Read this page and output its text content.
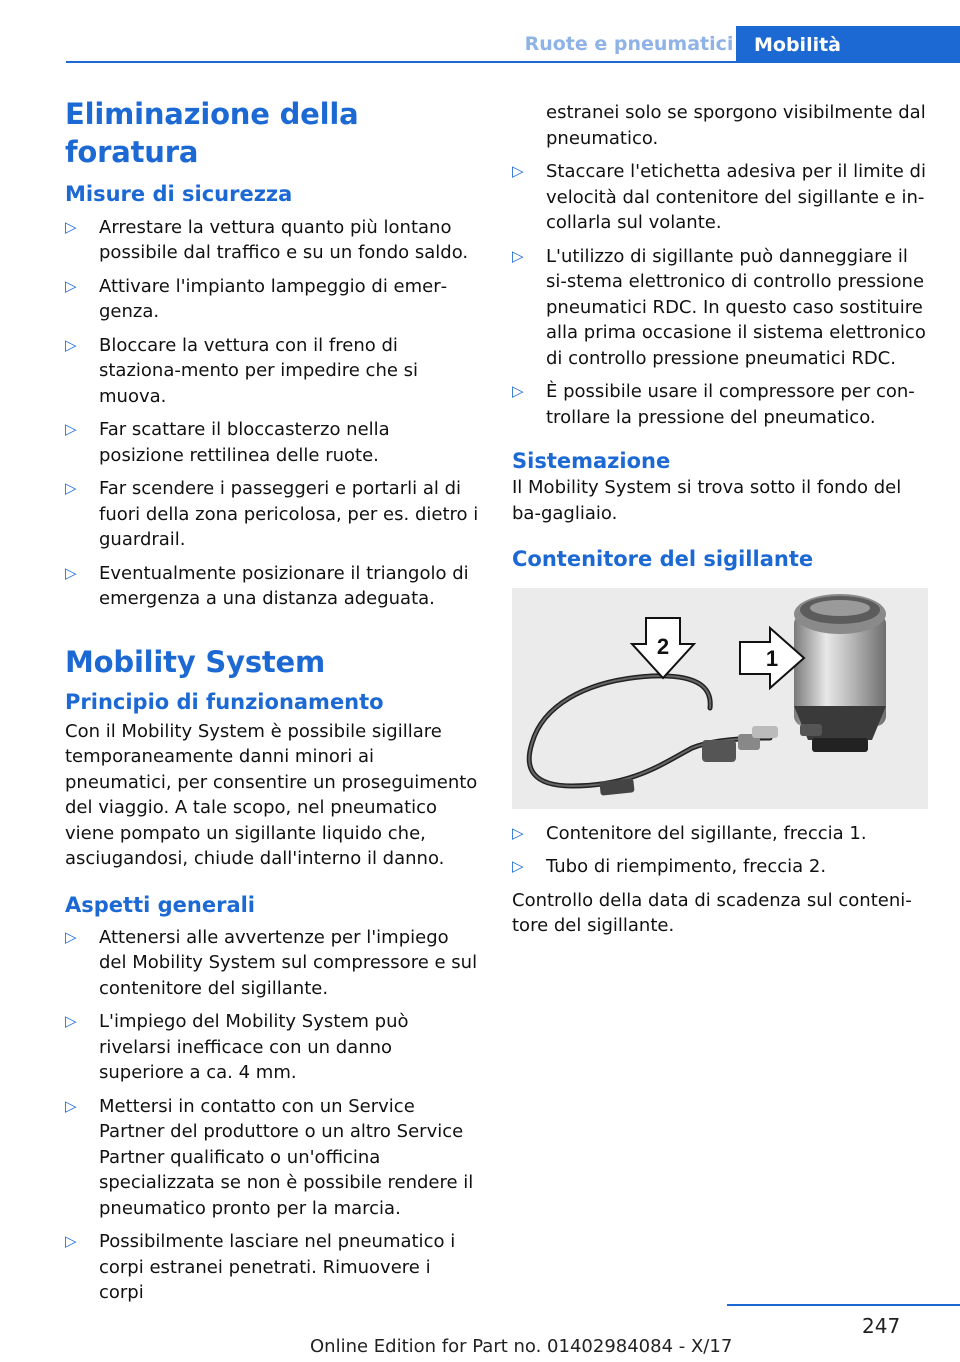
Ruote e pneumatici	Mobilità
Eliminazione della foratura
Misure di sicurezza
▷ Arrestare la vettura quanto più lontano possibile dal traffico e su un fondo saldo.
▷ Attivare l'impianto lampeggio di emer‐genza.
▷ Bloccare la vettura con il freno di staziona‐mento per impedire che si muova.
▷ Far scattare il bloccasterzo nella posizione rettilinea delle ruote.
▷ Far scendere i passeggeri e portarli al di fuori della zona pericolosa, per es. dietro i guardrail.
▷ Eventualmente posizionare il triangolo di emergenza a una distanza adeguata.
Mobility System
Principio di funzionamento

Con il Mobility System è possibile sigillare temporaneamente danni minori ai pneumatici, per consentire un proseguimento del viaggio. A tale scopo, nel pneumatico viene pompato un sigillante liquido che, asciugandosi, chiude dall'interno il danno.

Aspetti generali
▷ Attenersi alle avvertenze per l'impiego del Mobility System sul compressore e sul contenitore del sigillante.
▷ L'impiego del Mobility System può rivelarsi inefficace con un danno superiore a ca. 4 mm.
▷ Mettersi in contatto con un Service Partner del produttore o un altro Service Partner qualificato o un'officina specializzata se non è possibile rendere il pneumatico pronto per la marcia.
▷ Possibilmente lasciare nel pneumatico i corpi estranei penetrati. Rimuovere i corpi
estranei solo se sporgono visibilmente dal pneumatico.
▷ Staccare l'etichetta adesiva per il limite di velocità dal contenitore del sigillante e in‐collarla sul volante.
▷ L'utilizzo di sigillante può danneggiare il si‐stema elettronico di controllo pressione pneumatici RDC. In questo caso sostituire alla prima occasione il sistema elettronico di controllo pressione pneumatici RDC.
▷ È possibile usare il compressore per con‐trollare la pressione del pneumatico.
Sistemazione

Il Mobility System si trova sotto il fondo del ba‐gagliaio.

Contenitore del sigillante
2	1
▷ Contenitore del sigillante, freccia 1.
▷ Tubo di riempimento, freccia 2.

Controllo della data di scadenza sul conteni‐tore del sigillante.

247
Online Edition for Part no. 01402984084 - X/17
